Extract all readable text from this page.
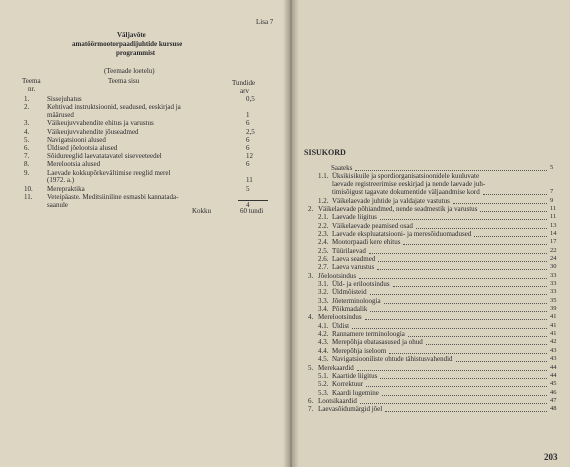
Lisa 7
Väljavõte
amatöörmootorpaadijuhtide kursuse
programmist
(Teemade loetelu)
Teema
nr.
Teema sisu	Tundide
arv
1.	Sissejuhatus	0,5
2.	Kehtivad instruktsioonid, seadused, eeskirjad ja
määrused	1
3.	Väikeujuvvahendite ehitus ja varustus	6
4.	Väikeujuvvahendite jõuseadmed	2,5
5.	Navigatsiooni alused	6
6.	Üldised jõelootsia alused	6
7.	Sõidureeglid laevatatavatel siseveeteedel	12
8.	Merelootsia alused	6
9.	Laevade kokkupõrkevältimise reeglid merel
(1972. a.)	11
10. Merepraktika	5
11. Veteipäaste. Meditsiiniline esmasbi kannatada-
saanule	4
Kokku	60 tundi
SISUKORD
Saateks	5
1.1. Üksikisikuile ja spordiorganisatsioonidele kuuluvate
laevade registreerimise eeskirjad ja nende laevade juh-
timisõigust tagavate dokumentide väljaandmise kord	7
1.2. Väikelaevade juhtide ja valdajate vastutus	9
2. Väikelaevade põhiandmed, nende seadmestik ja varustus	11
2.1. Laevade liigitus	11
2.2. Väikelaevade peamised osad	13
2.3. Laevade ekspluatatsiooni- ja meresõiduomadused	14
2.4. Mootorpaadi kere ehitus	17
2.5. Tüürilaevad	22
2.6. Laeva seadmed	24
2.7. Laeva varustus	30
3. Jõelootsindus	33
3.1. Üld- ja erilootsindus	33
3.2. Üldmõisteid	33
3.3. Jõeterminoloogia	35
3.4. Põikmadalik	39
4. Merelootsindus	41
4.1. Üldist	41
4.2. Rannamere terminoloogia	41
4.3. Merepõhja ebatasasused ja ohud	42
4.4. Merepõhja iseloom	43
4.5. Navigatsiooniliste ohtude tähistusvahendid	43
5. Merekaardid	44
5.1. Kaartide liigitus	44
5.2. Korrektuur	45
5.3. Kaardi lugemine	46
6. Lootsikaardid	47
7. Laevasõidumärgid jõel	48
203
